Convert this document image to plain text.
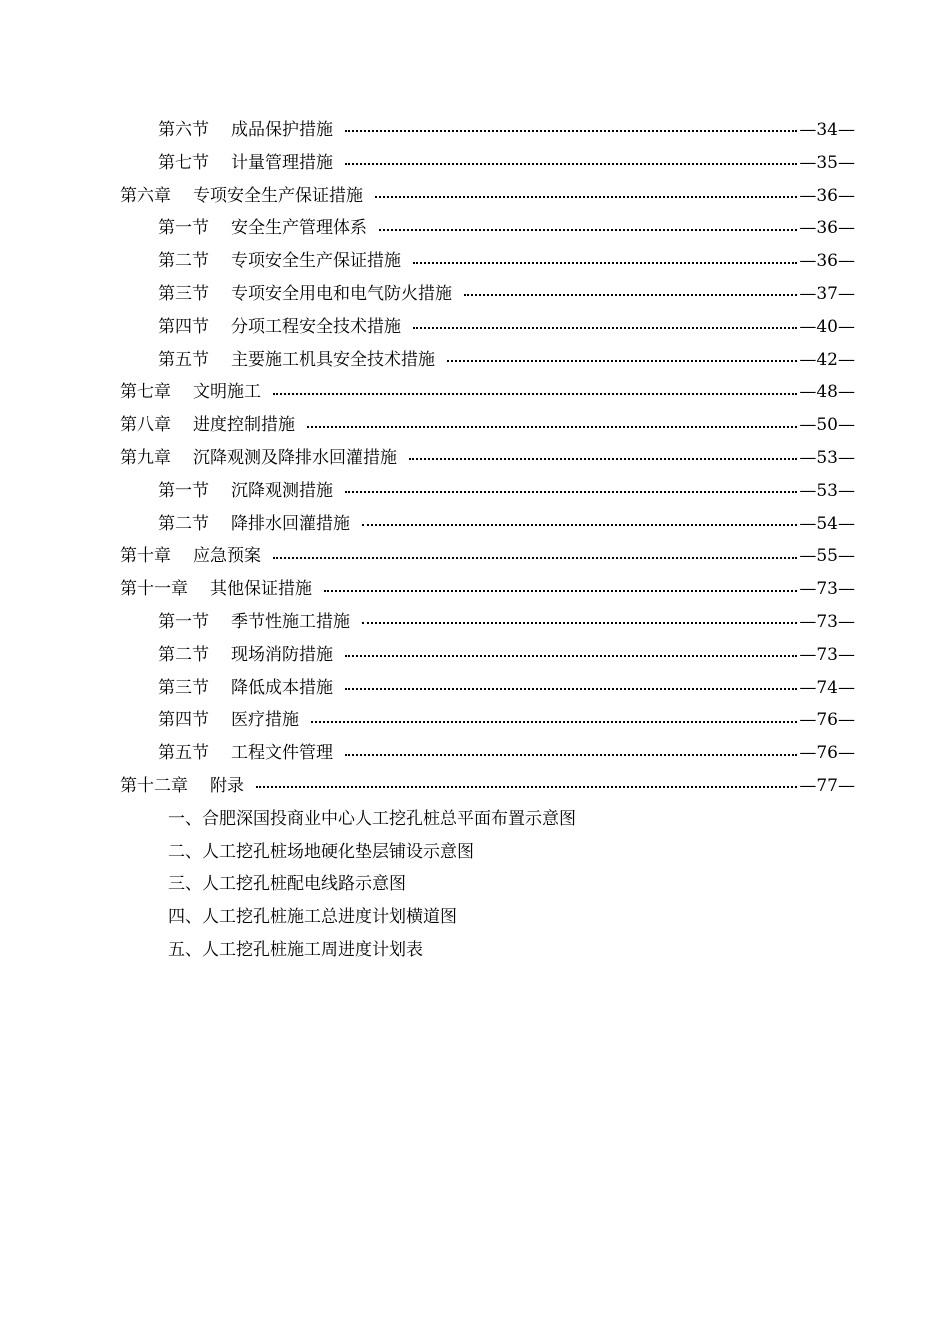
第六节 成品保护措施	—34—
第七节 计量管理措施	—35—
第六章 专项安全生产保证措施	—36—
第一节 安全生产管理体系	—36—
第二节 专项安全生产保证措施	—36—
第三节 专项安全用电和电气防火措施	—37—
第四节 分项工程安全技术措施	—40—
第五节 主要施工机具安全技术措施	—42—
第七章 文明施工	—48—
第八章 进度控制措施	—50—
第九章 沉降观测及降排水回灌措施	—53—
第一节 沉降观测措施	—53—
第二节 降排水回灌措施	—54—
第十章 应急预案	—55—
第十一章 其他保证措施	—73—
第一节 季节性施工措施	—73—
第二节 现场消防措施	—73—
第三节 降低成本措施	—74—
第四节 医疗措施	—76—
第五节 工程文件管理	—76—
第十二章 附录	—77—
一、合肥深国投商业中心人工挖孔桩总平面布置示意图
二、人工挖孔桩场地硬化垫层铺设示意图
三、人工挖孔桩配电线路示意图
四、人工挖孔桩施工总进度计划横道图
五、人工挖孔桩施工周进度计划表
